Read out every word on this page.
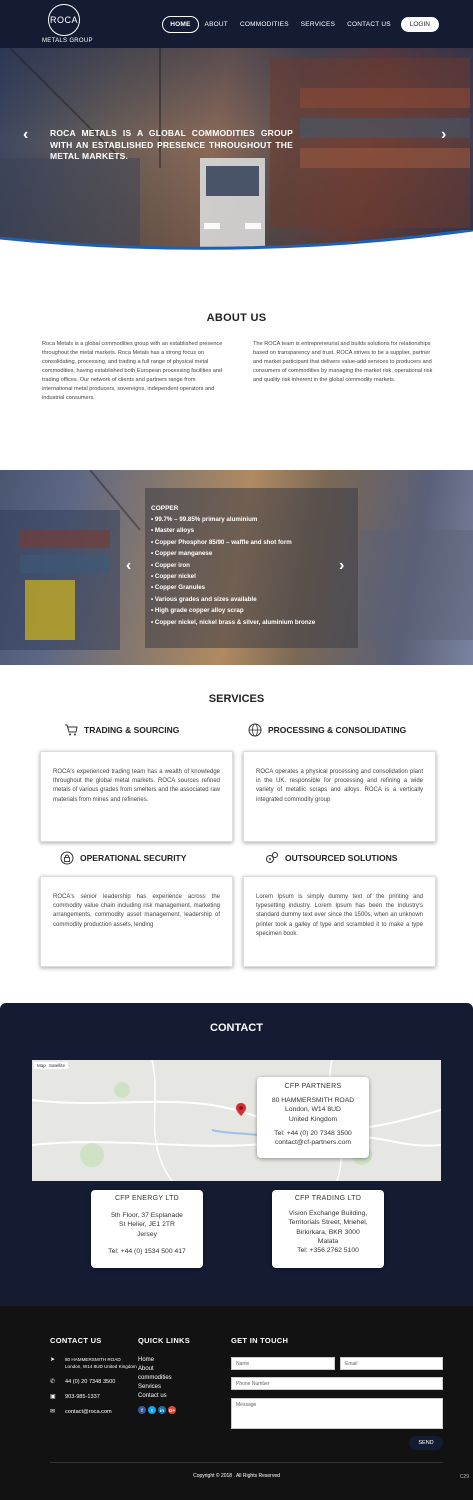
ROCA
METALS GROUP
HOME	ABOUT	COMMODITIES	SERVICES	CONTACT US	LOGIN
ROCA METALS IS A GLOBAL COMMODITIES GROUP WITH AN ESTABLISHED PRESENCE THROUGHOUT THE METAL MARKETS.
‹	›
ABOUT US
Roca Metals is a global commodities group with an established presence throughout the metal markets. Roca Metals has a strong focus on consolidating, processing, and trading a full range of physical metal commodities, having established both European processing facilities and trading offices. Our network of clients and partners range from international metal producers, sovereigns, independent operators and industrial consumers.
The ROCA team is entrepreneurial and builds solutions for relationships based on transparency and trust. ROCA strives to be a supplier, partner and market participant that delivers value-add services to producers and consumers of commodities by managing the market risk, operational risk and quality risk inherent in the global commodity markets.
COPPER
• 99.7% – 99.85% primary aluminium
• Master alloys
• Copper Phosphor 85/90 – waffle and shot form
• Copper manganese
• Copper iron
• Copper nickel
• Copper Granules
• Various grades and sizes available
• High grade copper alloy scrap
• Copper nickel, nickel brass & silver, aluminium bronze
‹	›
SERVICES
TRADING & SOURCING	PROCESSING & CONSOLIDATING
ROCA's experienced trading team has a wealth of knowledge throughout the global metal markets. ROCA sources refined metals of various grades from smelters and the associated raw materials from mines and refineries.
ROCA operates a physical processing and consolidation plant in the UK, responsible for processing and refining a wide variety of metallic scraps and alloys. ROCA is a vertically integrated commodity group
OPERATIONAL SECURITY	OUTSOURCED SOLUTIONS
ROCA's senior leadership has experience across the commodity value chain including risk management, marketing arrangements, commodity asset management, leadership of commodity production assets, lending
Lorem Ipsum is simply dummy text of the printing and typesetting industry. Lorem Ipsum has been the industry's standard dummy text ever since the 1500s, when an unknown printer took a galley of type and scrambled it to make a type specimen book.
CONTACT
Map Satellite
CFP PARTNERS
80 HAMMERSMITH ROAD
London, W14 8UD
United Kingdom
Tel: +44 (0) 20 7348 3500
contact@cf-partners.com
CFP ENERGY LTD
5th Floor, 37 Esplanade
St Helier, JE1 2TR
Jersey
Tel: +44 (0) 1534 500 417
CFP TRADING LTD
Vision Exchange Building,
Territorials Street, Mriehel,
Birkirkara, BKR 3000
Malata
Tel: +356 2762 5100
CONTACT US
➤	80 HAMMERSMITH ROAD
London, W14 8UD United Kingdom
✆	44 (0) 20 7348 3500
▣	903-985-1337
✉	contact@roca.com
QUICK LINKS
Home
About
commodities
Services
Contact us
f	t	in	G+
GET IN TOUCH
Name	Email
Phone Number
Message
SEND
Copyright © 2018 . All Rights Reserved	C29
